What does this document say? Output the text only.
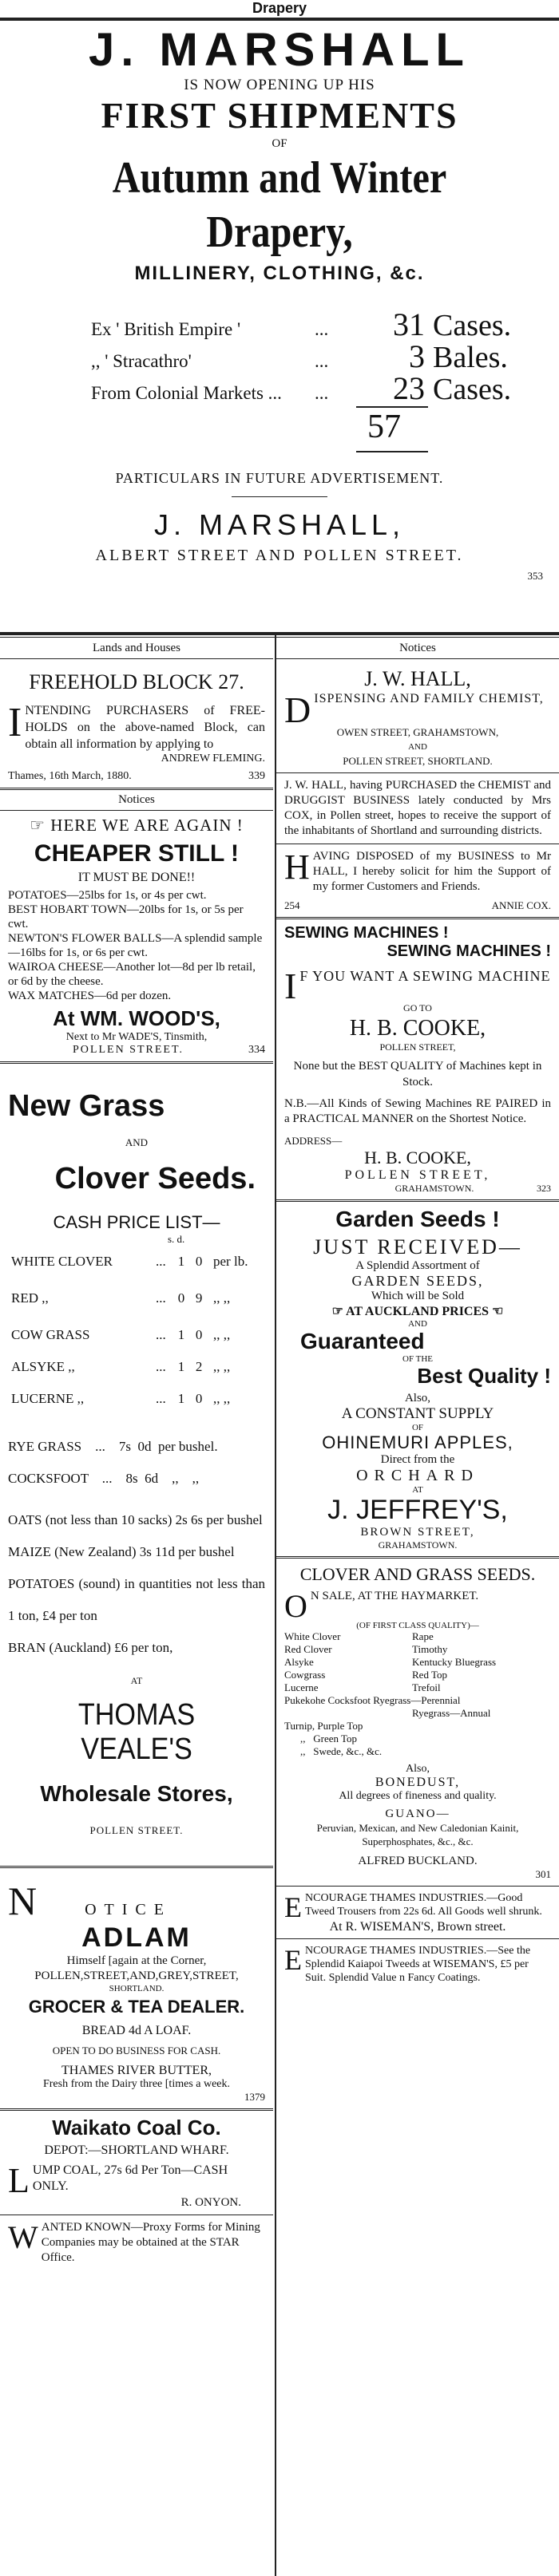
Drapery
J. MARSHALL
IS NOW OPENING UP HIS
FIRST SHIPMENTS
OF
Autumn and Winter Drapery,
MILLINERY, CLOTHING, &c.
Ex ' British Empire '	...	31 Cases.
,, ' Stracathro'	...	3 Bales.
From Colonial Markets ...	...	23 Cases.
57
PARTICULARS IN FUTURE ADVERTISEMENT.
J. MARSHALL,
ALBERT STREET AND POLLEN STREET.
353
Lands and Houses
FREEHOLD BLOCK 27.
I NTENDING PURCHASERS of FREE-HOLDS on the above-named Block, can obtain all information by applying to
ANDREW FLEMING.
Thames, 16th March, 1880.	339
Notices
☞ HERE WE ARE AGAIN !
CHEAPER STILL !
IT MUST BE DONE!!
POTATOES—25lbs for 1s, or 4s per cwt.
BEST HOBART TOWN—20lbs for 1s, or 5s per cwt.
NEWTON'S FLOWER BALLS—A splendid sample—16lbs for 1s, or 6s per cwt.
WAIROA CHEESE—Another lot—8d per lb retail, or 6d by the cheese.
WAX MATCHES—6d per dozen.
At WM. WOOD'S,
Next to Mr WADE'S, Tinsmith,
POLLEN STREET.	334
New Grass
AND
Clover Seeds.
CASH PRICE LIST—
s. d.
WHITE CLOVER	...	1	0	per lb.
RED ,,	...	0	9	,, ,,
COW GRASS	...	1	0	,, ,,
ALSYKE ,,	...	1	2	,, ,,
LUCERNE ,,	...	1	0	,, ,,
RYE GRASS    ...    7s  0d  per bushel.
COCKSFOOT    ...    8s  6d    ,,    ,,
OATS (not less than 10 sacks) 2s 6s per bushel
MAIZE (New Zealand) 3s 11d per bushel
POTATOES (sound) in quantities not less than 1 ton, £4 per ton
BRAN (Auckland) £6 per ton,
AT
THOMAS VEALE'S
Wholesale Stores,
POLLEN STREET.
N	OTICE
ADLAM
Himself [again at the Corner, POLLEN,STREET,AND,GREY,STREET,
SHORTLAND.
GROCER & TEA DEALER.
BREAD 4d A LOAF.
OPEN TO DO BUSINESS FOR CASH.
THAMES RIVER BUTTER,
Fresh from the Dairy three [times a week.
1379
Waikato Coal Co.
DEPOT:—SHORTLAND WHARF.
L UMP COAL, 27s 6d Per Ton—CASH ONLY.
R. ONYON.
W ANTED KNOWN—Proxy Forms for Mining Companies may be obtained at the STAR Office.
Notices
J. W. HALL,
D ISPENSING AND FAMILY CHEMIST,
OWEN STREET, GRAHAMSTOWN,
AND
POLLEN STREET, SHORTLAND.
J. W. HALL, having PURCHASED the CHEMIST and DRUGGIST BUSINESS lately conducted by Mrs COX, in Pollen street, hopes to receive the support of the inhabitants of Shortland and surrounding districts.
H AVING DISPOSED of my BUSINESS to Mr HALL, I hereby solicit for him the Support of my former Customers and Friends.
254	ANNIE COX.
SEWING MACHINES !
SEWING MACHINES !
I F YOU WANT A SEWING MACHINE
GO TO
H. B. COOKE,
POLLEN STREET,
None but the BEST QUALITY of Machines kept in Stock.
N.B.—All Kinds of Sewing Machines RE PAIRED in a PRACTICAL MANNER on the Shortest Notice.
ADDRESS—
H. B. COOKE,
POLLEN STREET,
GRAHAMSTOWN.	323
Garden Seeds !
JUST RECEIVED—
A Splendid Assortment of
GARDEN SEEDS,
Which will be Sold
☞ AT AUCKLAND PRICES ☜
AND
Guaranteed
OF THE
Best Quality !
Also,
A CONSTANT SUPPLY
OF
OHINEMURI APPLES,
Direct from the
ORCHARD
AT
J. JEFFREY'S,
BROWN STREET,
GRAHAMSTOWN.
CLOVER AND GRASS SEEDS.
O N SALE, AT THE HAYMARKET.
(OF FIRST CLASS QUALITY)—
White Clover	Rape
Red Clover	Timothy
Alsyke	Kentucky Bluegrass
Cowgrass	Red Top
Lucerne	Trefoil
Pukekohe Cocksfoot Ryegrass—Perennial
Ryegrass—Annual
Turnip, Purple Top
,,   Green Top
,,   Swede, &c., &c.
Also,
BONEDUST,
All degrees of fineness and quality.
GUANO—
Peruvian, Mexican, and New Caledonian Kainit, Superphosphates, &c., &c.
ALFRED BUCKLAND.
301
E NCOURAGE THAMES INDUSTRIES.—Good Tweed Trousers from 22s 6d. All Goods well shrunk.
At R. WISEMAN'S, Brown street.
E NCOURAGE THAMES INDUSTRIES.—See the Splendid Kaiapoi Tweeds at WISEMAN'S, £5 per Suit. Splendid Value n Fancy Coatings.
